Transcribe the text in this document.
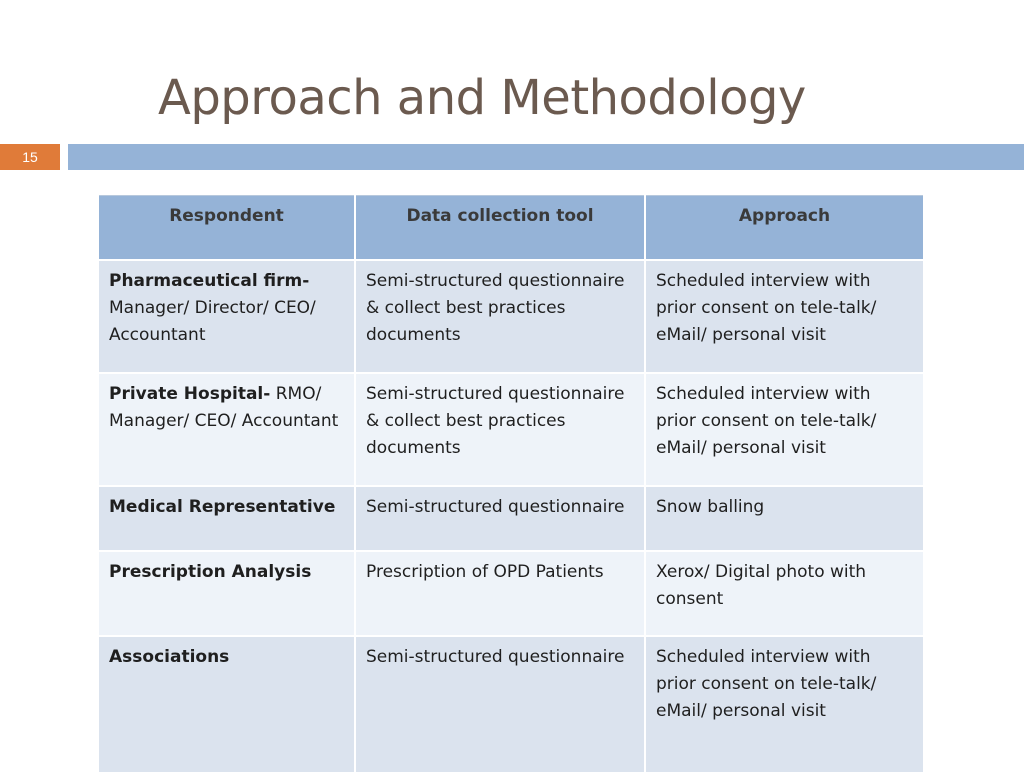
Approach and Methodology
15
Respondent	Data collection tool	Approach
Pharmaceutical firm- Manager/ Director/ CEO/ Accountant	Semi-structured questionnaire & collect best practices documents	Scheduled interview with prior consent on tele-talk/ eMail/ personal visit
Private Hospital- RMO/ Manager/ CEO/ Accountant	Semi-structured questionnaire & collect best practices documents	Scheduled interview with prior consent on tele-talk/ eMail/ personal visit
Medical Representative	Semi-structured questionnaire	Snow balling
Prescription Analysis	Prescription of OPD Patients	Xerox/ Digital photo with consent
Associations	Semi-structured questionnaire	Scheduled interview with prior consent on tele-talk/ eMail/ personal visit
